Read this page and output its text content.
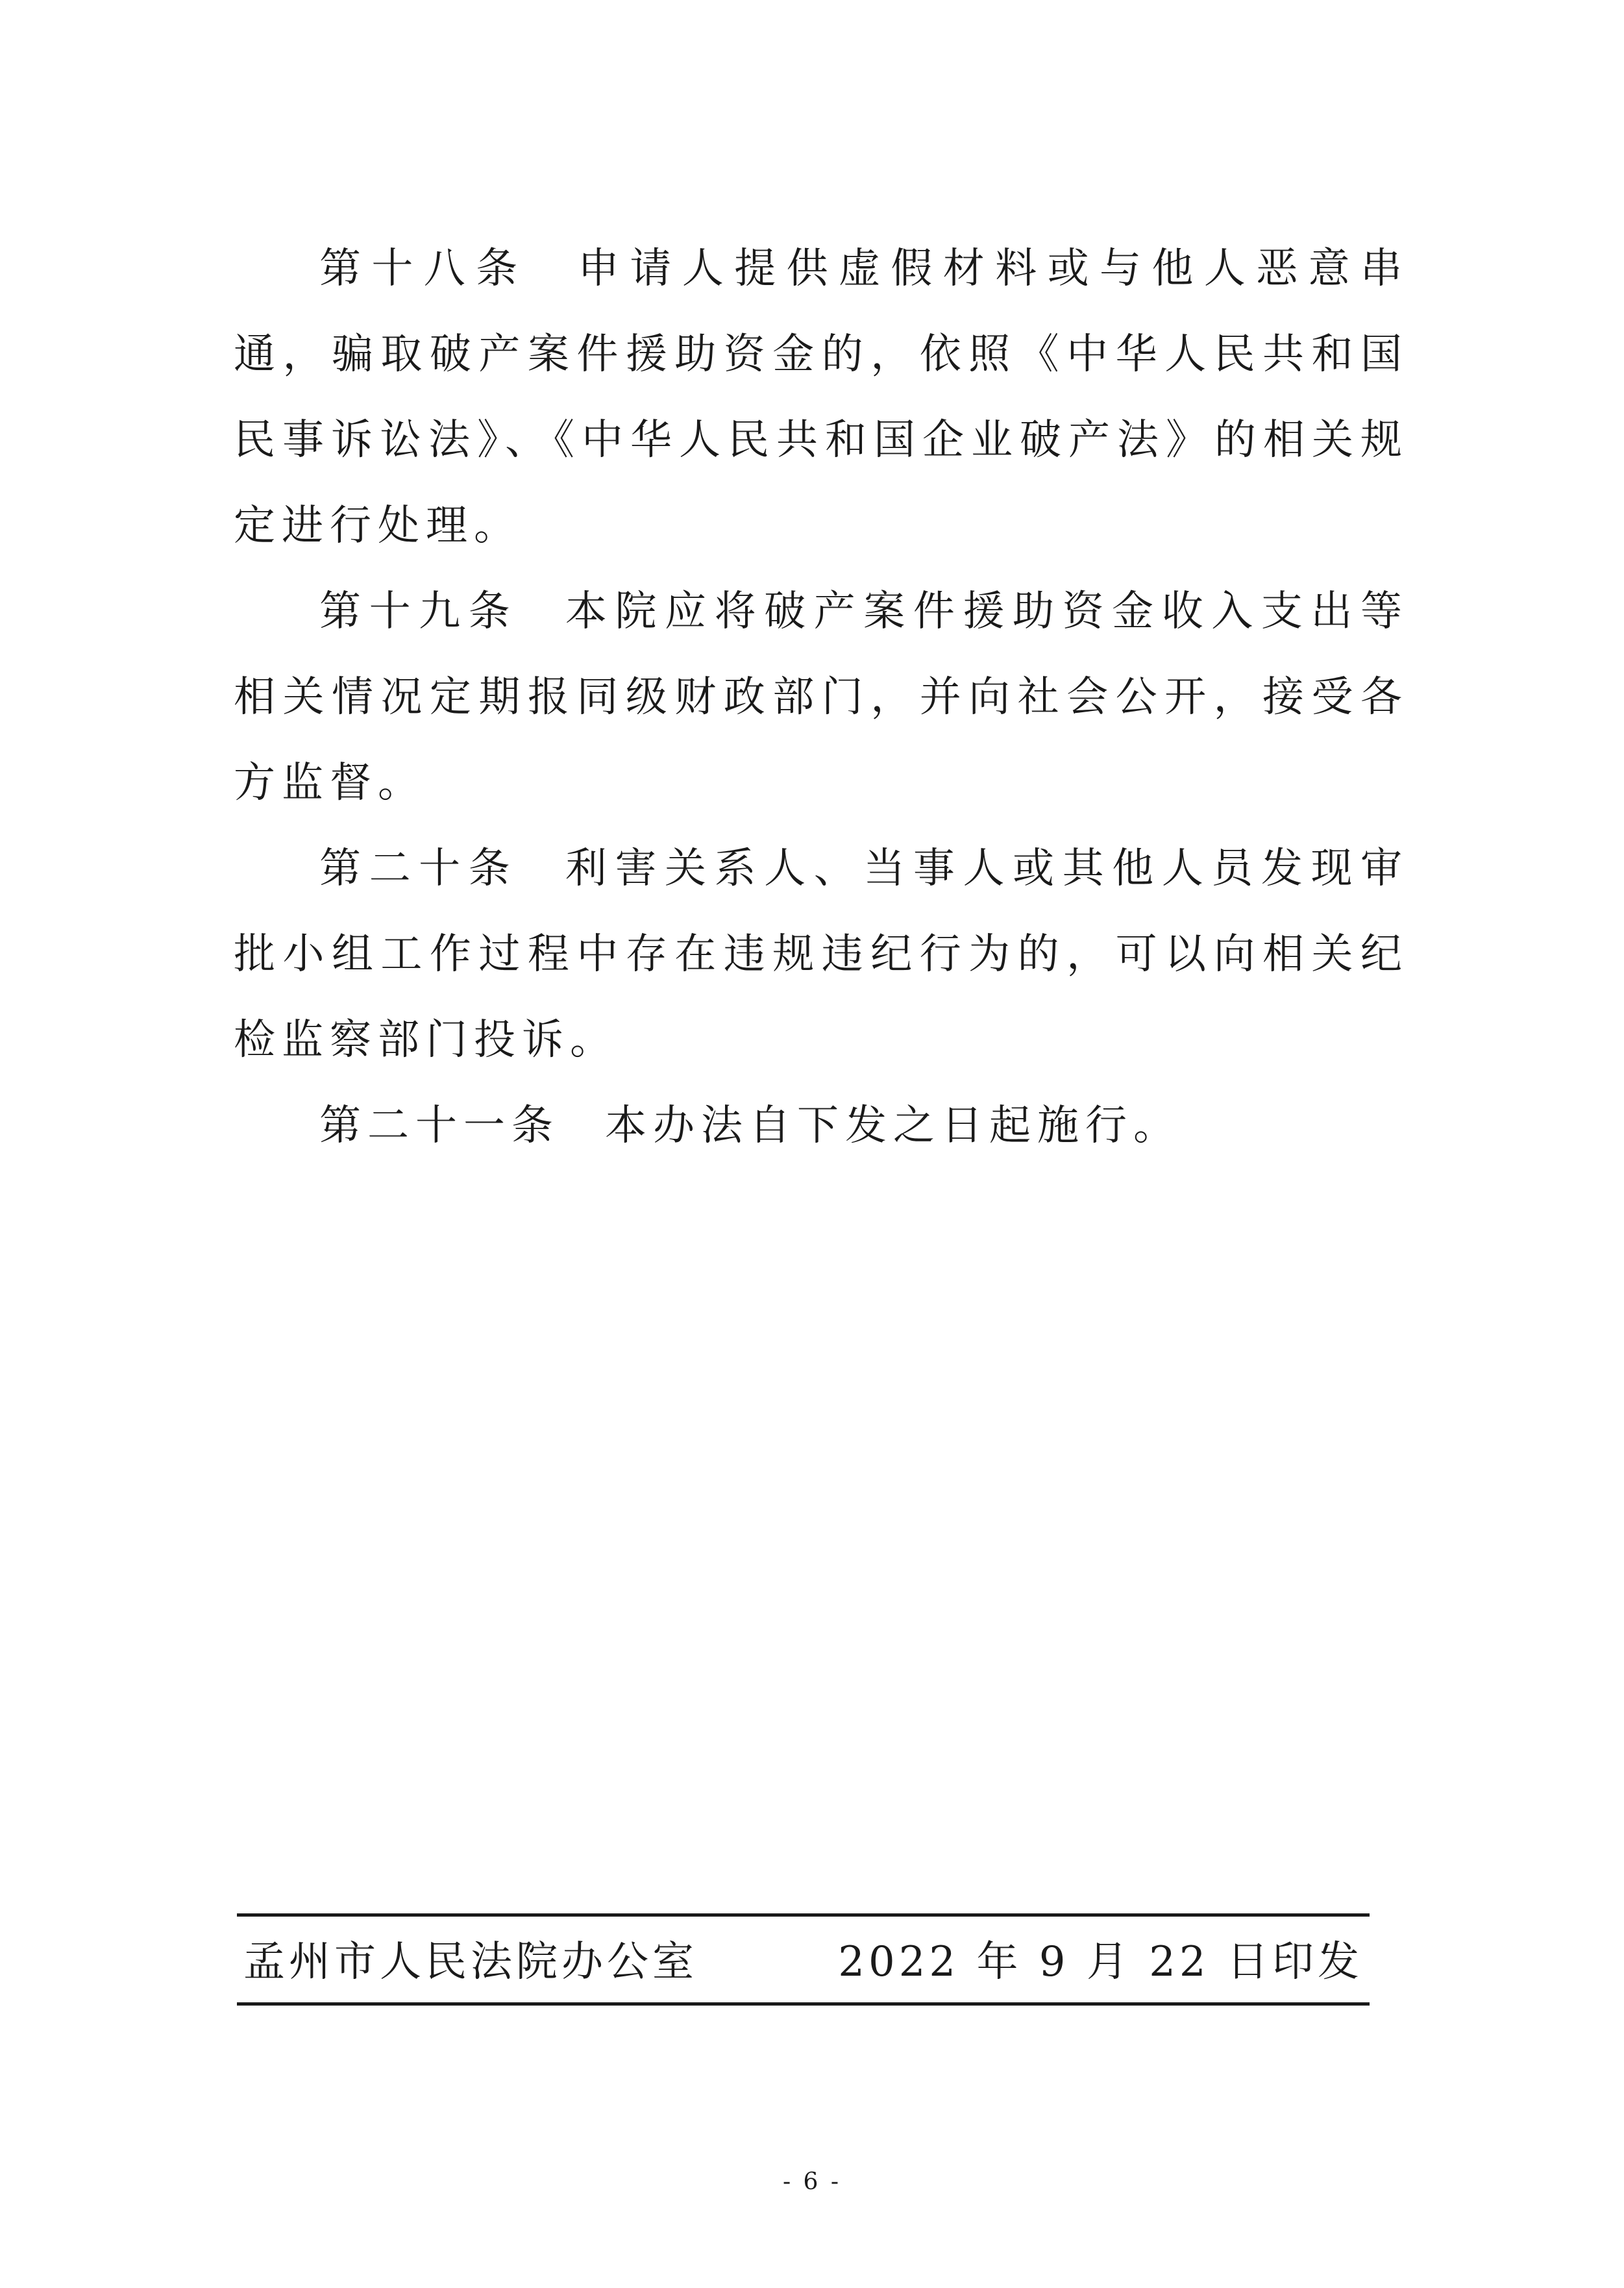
第十八条 申请人提供虚假材料或与他人恶意串通，骗取破产案件援助资金的，依照《中华人民共和国民事诉讼法》、《中华人民共和国企业破产法》的相关规定进行处理。

第十九条 本院应将破产案件援助资金收入支出等相关情况定期报同级财政部门，并向社会公开，接受各方监督。

第二十条 利害关系人、当事人或其他人员发现审批小组工作过程中存在违规违纪行为的，可以向相关纪检监察部门投诉。

第二十一条 本办法自下发之日起施行。

孟州市人民法院办公室	2022 年 9 月 22 日印发
- 6 -
